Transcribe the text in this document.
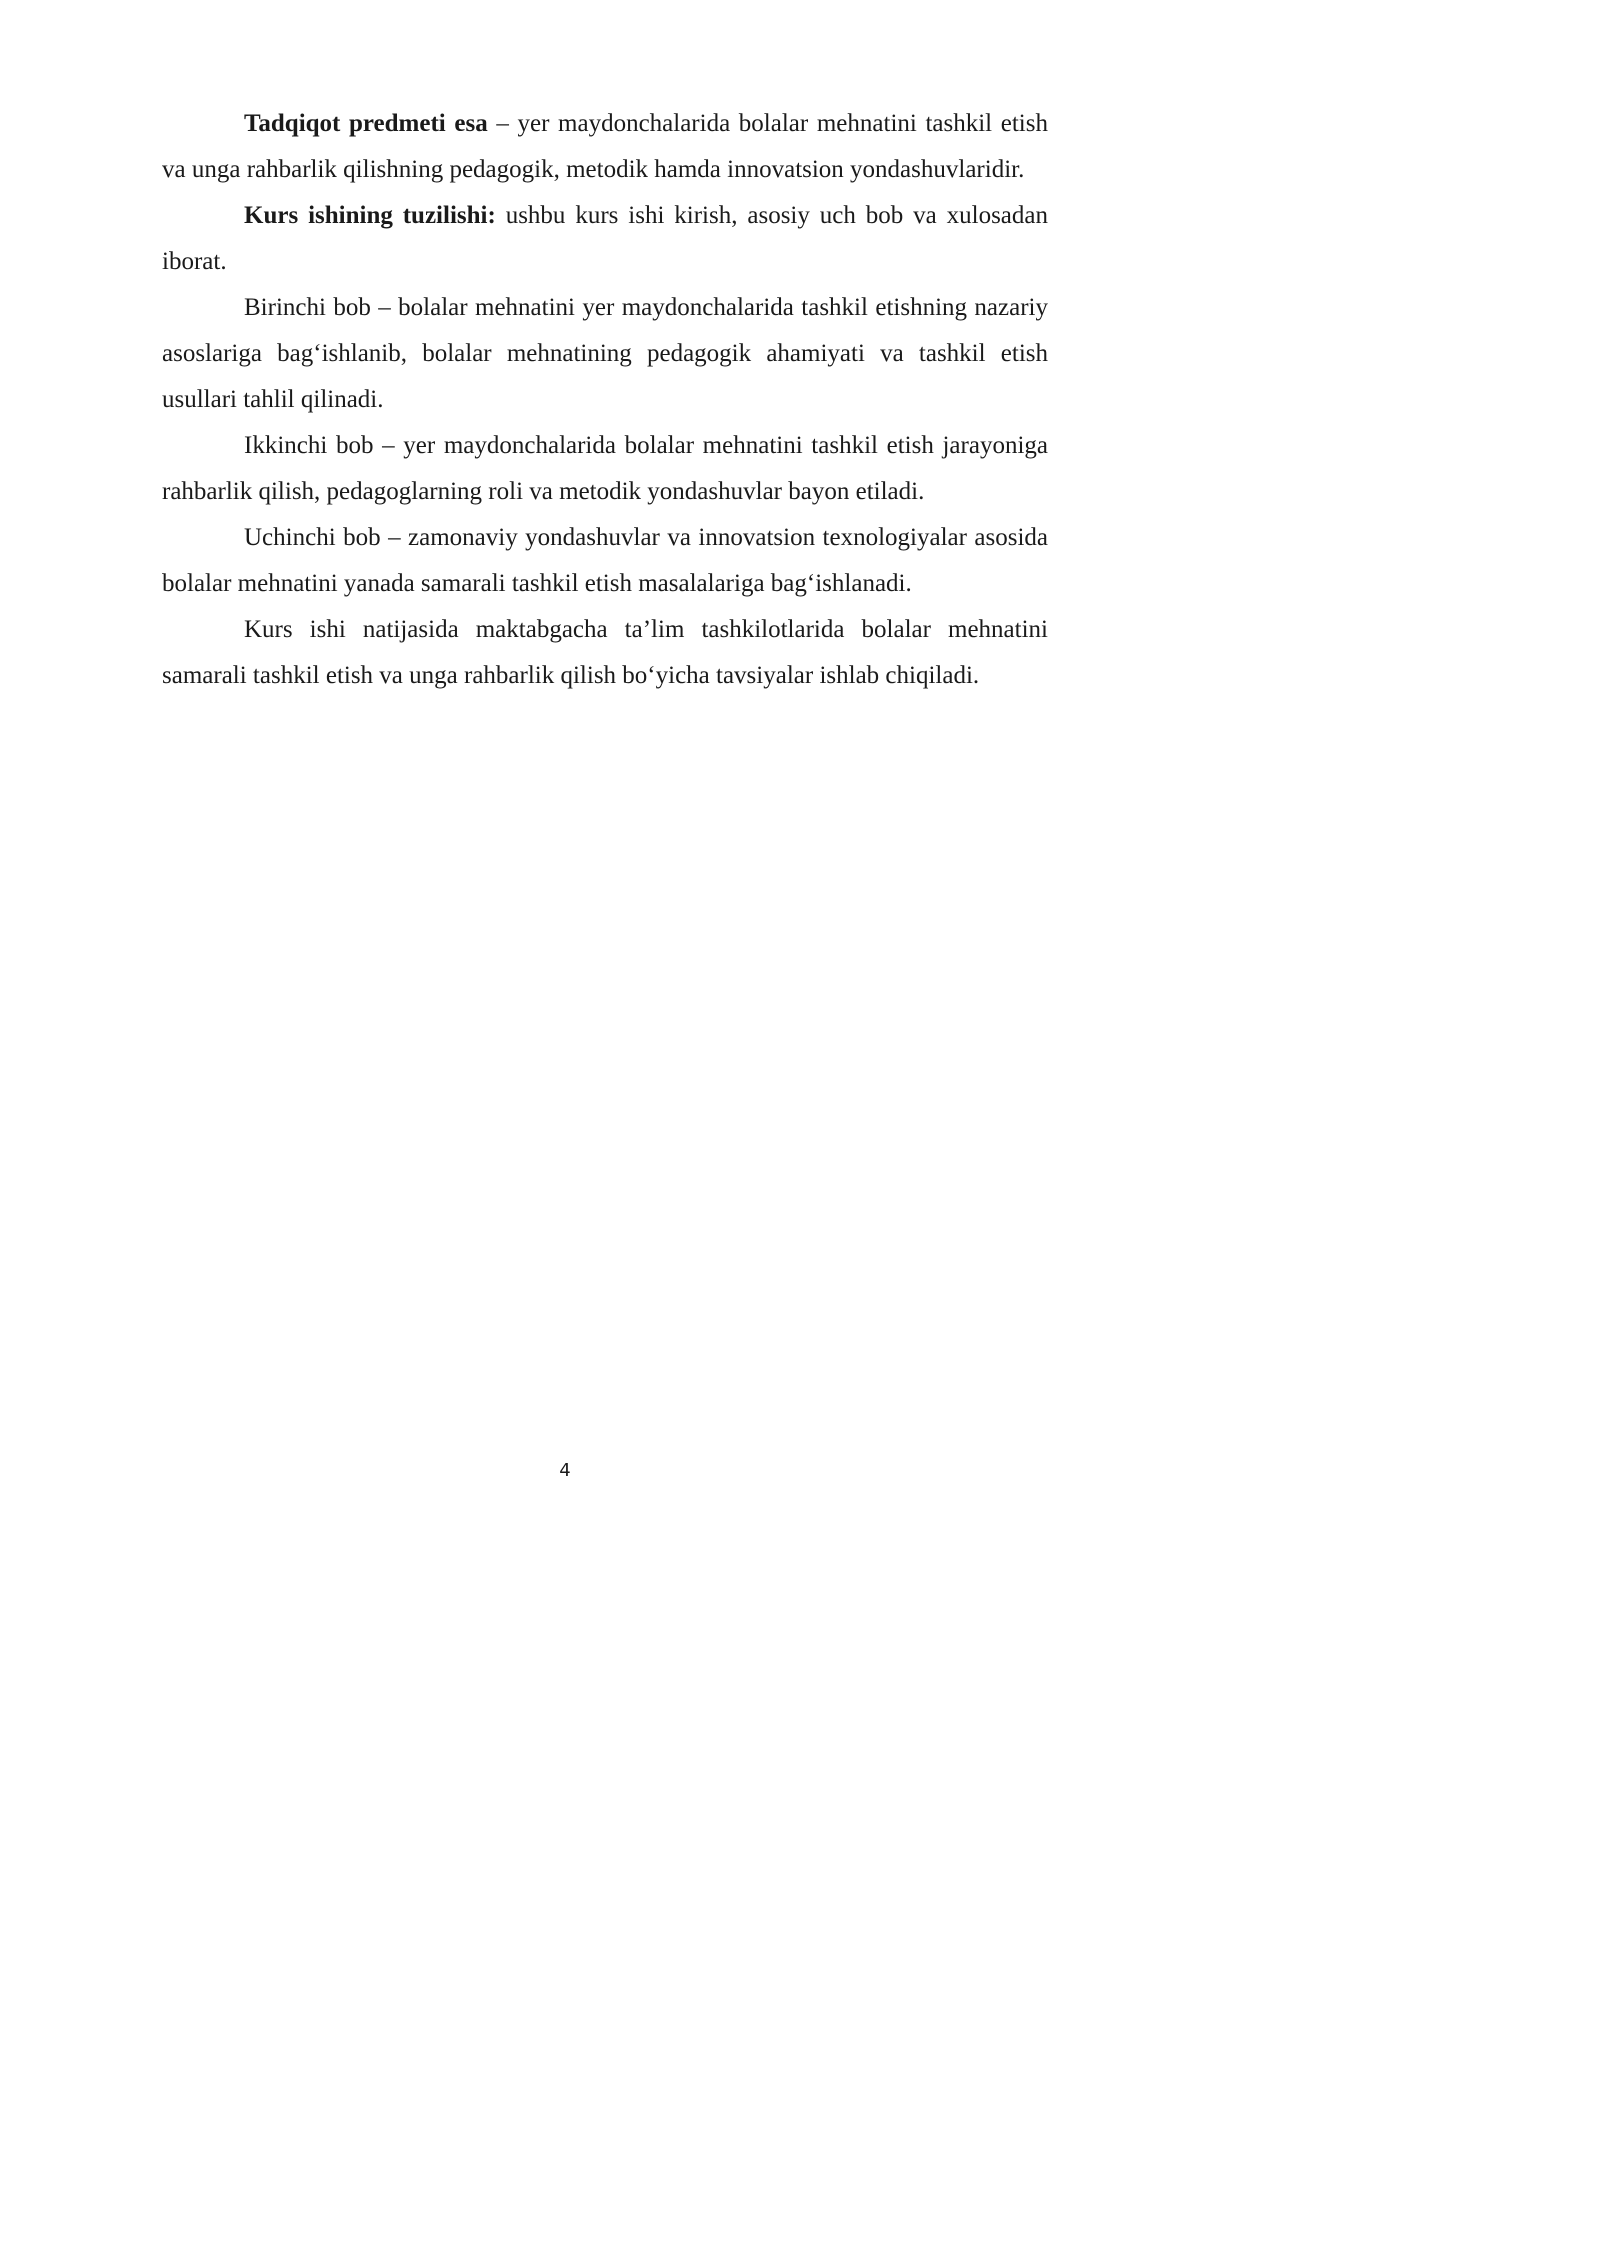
Tadqiqot predmeti esa – yer maydonchalarida bolalar mehnatini tashkil etish va unga rahbarlik qilishning pedagogik, metodik hamda innovatsion yondashuvlaridir.

Kurs ishining tuzilishi: ushbu kurs ishi kirish, asosiy uch bob va xulosadan iborat.

Birinchi bob – bolalar mehnatini yer maydonchalarida tashkil etishning nazariy asoslariga bag‘ishlanib, bolalar mehnatining pedagogik ahamiyati va tashkil etish usullari tahlil qilinadi.

Ikkinchi bob – yer maydonchalarida bolalar mehnatini tashkil etish jarayoniga rahbarlik qilish, pedagoglarning roli va metodik yondashuvlar bayon etiladi.

Uchinchi bob – zamonaviy yondashuvlar va innovatsion texnologiyalar asosida bolalar mehnatini yanada samarali tashkil etish masalalariga bag‘ishlanadi.

Kurs ishi natijasida maktabgacha ta’lim tashkilotlarida bolalar mehnatini samarali tashkil etish va unga rahbarlik qilish bo‘yicha tavsiyalar ishlab chiqiladi.

4
